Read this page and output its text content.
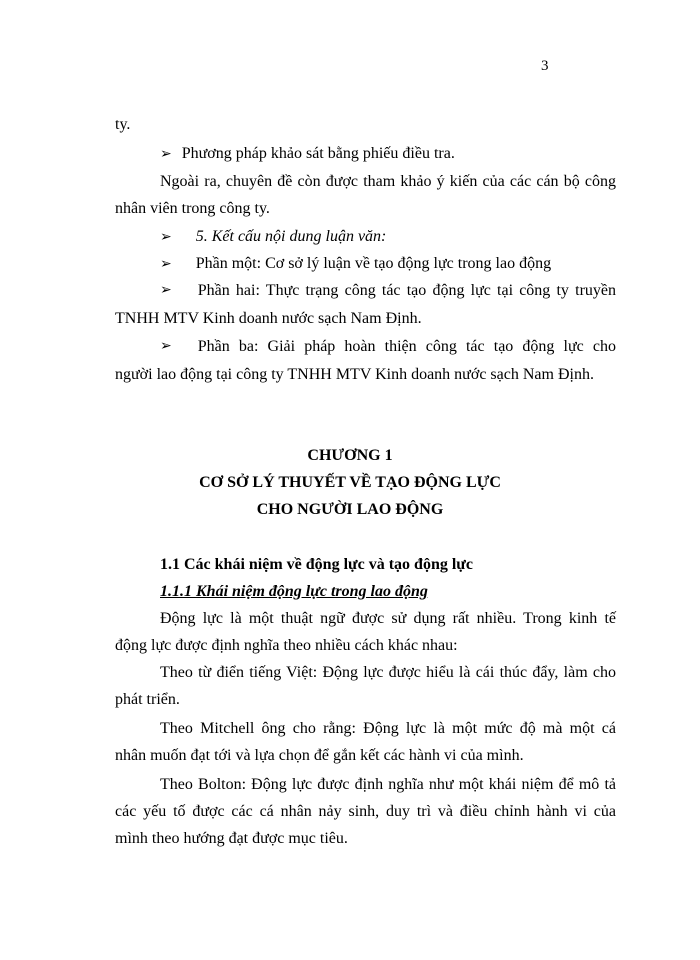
3
ty.
➢ Phương pháp khảo sát bằng phiếu điều tra.
Ngoài ra, chuyên đề còn được tham khảo ý kiến của các cán bộ công
nhân viên trong công ty.
➢ 5. Kết cấu nội dung luận văn:
➢ Phần một: Cơ sở lý luận về tạo động lực trong lao động
➢ Phần hai: Thực trạng công tác tạo động lực tại công ty truyền
TNHH MTV Kinh doanh nước sạch Nam Định.
➢ Phần ba: Giải pháp hoàn thiện công tác tạo động lực cho
người lao động tại công ty TNHH MTV Kinh doanh nước sạch Nam Định.
CHƯƠNG 1
CƠ SỞ LÝ THUYẾT VỀ TẠO ĐỘNG LỰC
CHO NGƯỜI LAO ĐỘNG
1.1 Các khái niệm về động lực và tạo động lực
1.1.1 Khái niệm động lực trong lao động
Động lực là một thuật ngữ được sử dụng rất nhiều. Trong kinh tế
động lực được định nghĩa theo nhiều cách khác nhau:
Theo từ điển tiếng Việt: Động lực được hiểu là cái thúc đẩy, làm cho
phát triển.
Theo Mitchell ông cho rằng: Động lực là một mức độ mà một cá
nhân muốn đạt tới và lựa chọn để gắn kết các hành vi của mình.
Theo Bolton: Động lực được định nghĩa như một khái niệm để mô tả
các yếu tố được các cá nhân nảy sinh, duy trì và điều chỉnh hành vi của
mình theo hướng đạt được mục tiêu.
